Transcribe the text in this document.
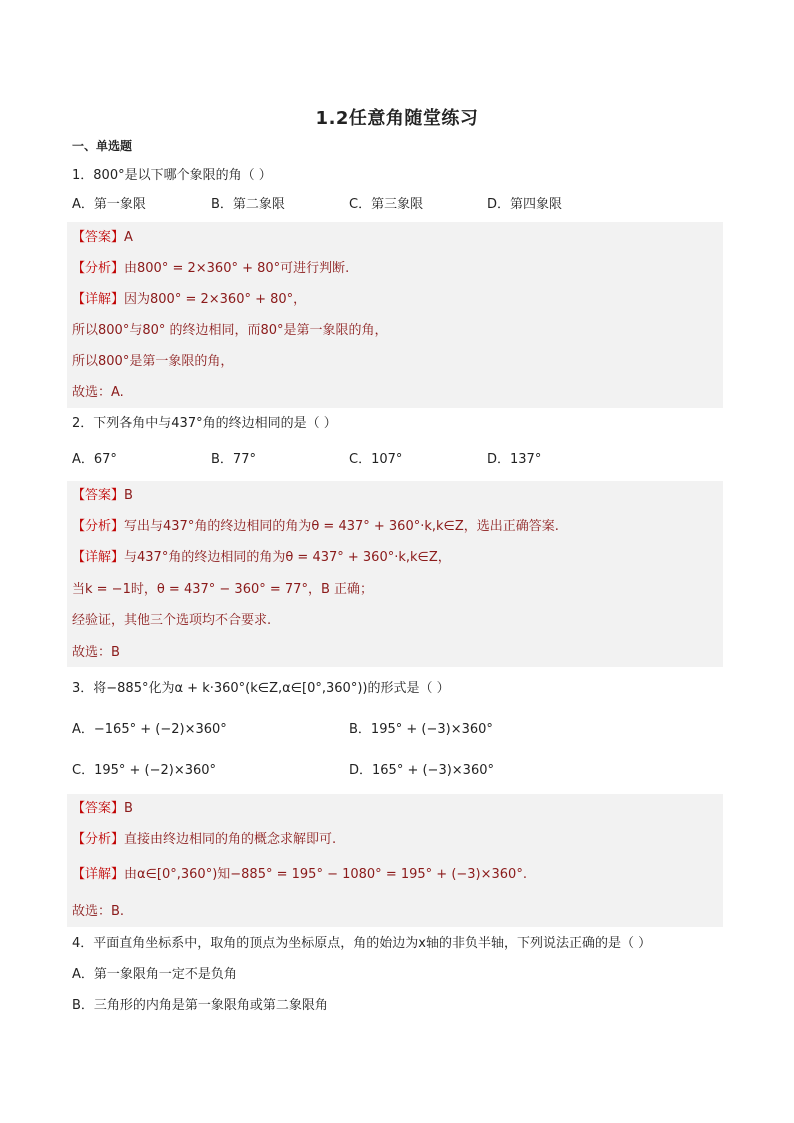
1.2任意角随堂练习
一、单选题
1．800°是以下哪个象限的角（ ）
A．第一象限	B．第二象限	C．第三象限	D．第四象限
【答案】A
【分析】由800° = 2×360° + 80°可进行判断.
【详解】因为800° = 2×360° + 80°，
所以800°与80° 的终边相同，而80°是第一象限的角，
所以800°是第一象限的角，
故选：A.
2．下列各角中与437°角的终边相同的是（ ）
A．67°	B．77°	C．107°	D．137°
【答案】B
【分析】写出与437°角的终边相同的角为θ = 437° + 360°·k,k∈Z，选出正确答案.
【详解】与437°角的终边相同的角为θ = 437° + 360°·k,k∈Z，
当k = −1时，θ = 437° − 360° = 77°，B 正确；
经验证，其他三个选项均不合要求.
故选：B
3．将−885°化为α + k·360°(k∈Z,α∈[0°,360°))的形式是（ ）
A．−165° + (−2)×360°	B．195° + (−3)×360°
C．195° + (−2)×360°	D．165° + (−3)×360°
【答案】B
【分析】直接由终边相同的角的概念求解即可.
【详解】由α∈[0°,360°)知−885° = 195° − 1080° = 195° + (−3)×360°.
故选：B.
4．平面直角坐标系中，取角的顶点为坐标原点，角的始边为x轴的非负半轴，下列说法正确的是（ ）
A．第一象限角一定不是负角
B．三角形的内角是第一象限角或第二象限角
